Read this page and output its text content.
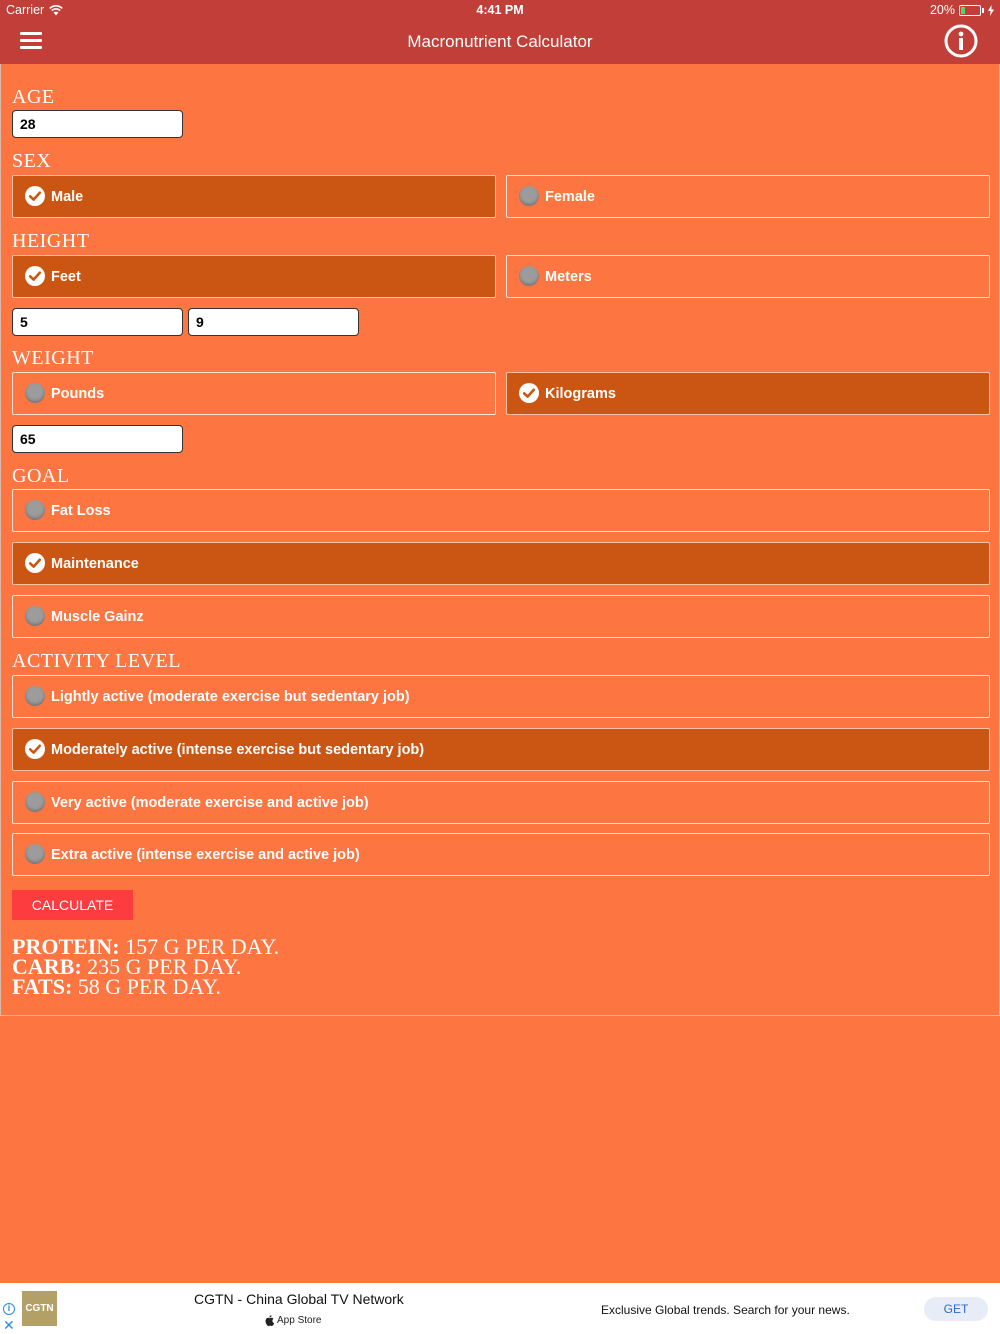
Carrier	4:41 PM	20%
Macronutrient Calculator
AGE
28
SEX
Male	Female
HEIGHT
Feet	Meters
5
9
WEIGHT
Pounds	Kilograms
65
GOAL
Fat Loss
Maintenance
Muscle Gainz
ACTIVITY LEVEL
Lightly active (moderate exercise but sedentary job)
Moderately active (intense exercise but sedentary job)
Very active (moderate exercise and active job)
Extra active (intense exercise and active job)
CALCULATE
PROTEIN: 157 G PER DAY.
CARB: 235 G PER DAY.
FATS: 58 G PER DAY.
i
✕
CGTN
CGTN - China Global TV Network
App Store
Exclusive Global trends. Search for your news.	GET
